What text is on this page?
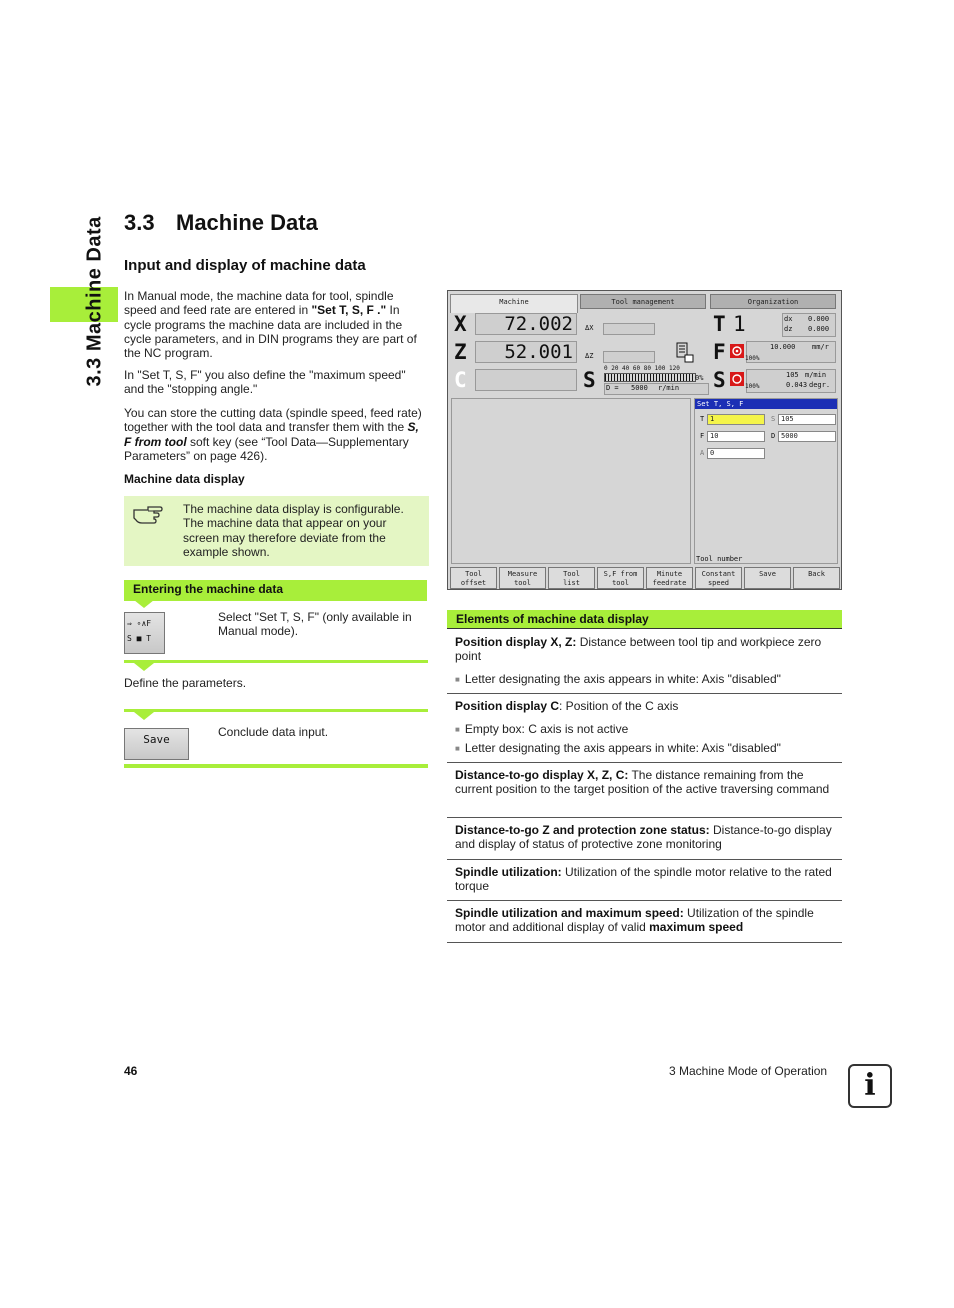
3.3 Machine Data 3.3 Machine Data
Input and display of machine data
In Manual mode, the machine data for tool, spindle speed and feed rate are entered in "Set T, S, F ." In cycle programs the machine data are included in the cycle parameters, and in DIN programs they are part of the NC program.
In "Set T, S, F" you also define the "maximum speed" and the "stopping angle."
You can store the cutting data (spindle speed, feed rate) together with the tool data and transfer them with the S, F from tool soft key (see “Tool Data—Supplementary Parameters” on page 426).
Machine data display
The machine data display is configurable. The machine data that appear on your screen may therefore deviate from the example shown.
Entering the machine data
⇒ ∘∧F
S ■ T
Select "Set T, S, F" (only available in Manual mode).
Define the parameters.
Save
Conclude data input.
Machine	Tool management	Organization
X	72.002	ΔX
Z	52.001	ΔZ
C
T 1	dx 0.000
dz 0.000
F	10.000 mm/r
100%
S	105 m/min
0.043 degr.
100%
0 20 40 60 80 100 120
0%
D = 5000 r/min
S
Set T, S, F
T 1	S 105
F 10	D 5000
A 0
Tool number
Tool
offset
Measure
tool
Tool
list
S,F from
tool
Minute
feedrate
Constant
speed
Save	Back
Elements of machine data display
Position display X, Z: Distance between tool tip and workpiece zero point
■ Letter designating the axis appears in white: Axis "disabled"
Position display C: Position of the C axis
■ Empty box: C axis is not active
■ Letter designating the axis appears in white: Axis "disabled"
Distance-to-go display X, Z, C: The distance remaining from the current position to the target position of the active traversing command
Distance-to-go Z and protection zone status: Distance-to-go display and display of status of protective zone monitoring
Spindle utilization: Utilization of the spindle motor relative to the rated torque
Spindle utilization and maximum speed: Utilization of the spindle motor and additional display of valid maximum speed
46	3 Machine Mode of Operation	i
